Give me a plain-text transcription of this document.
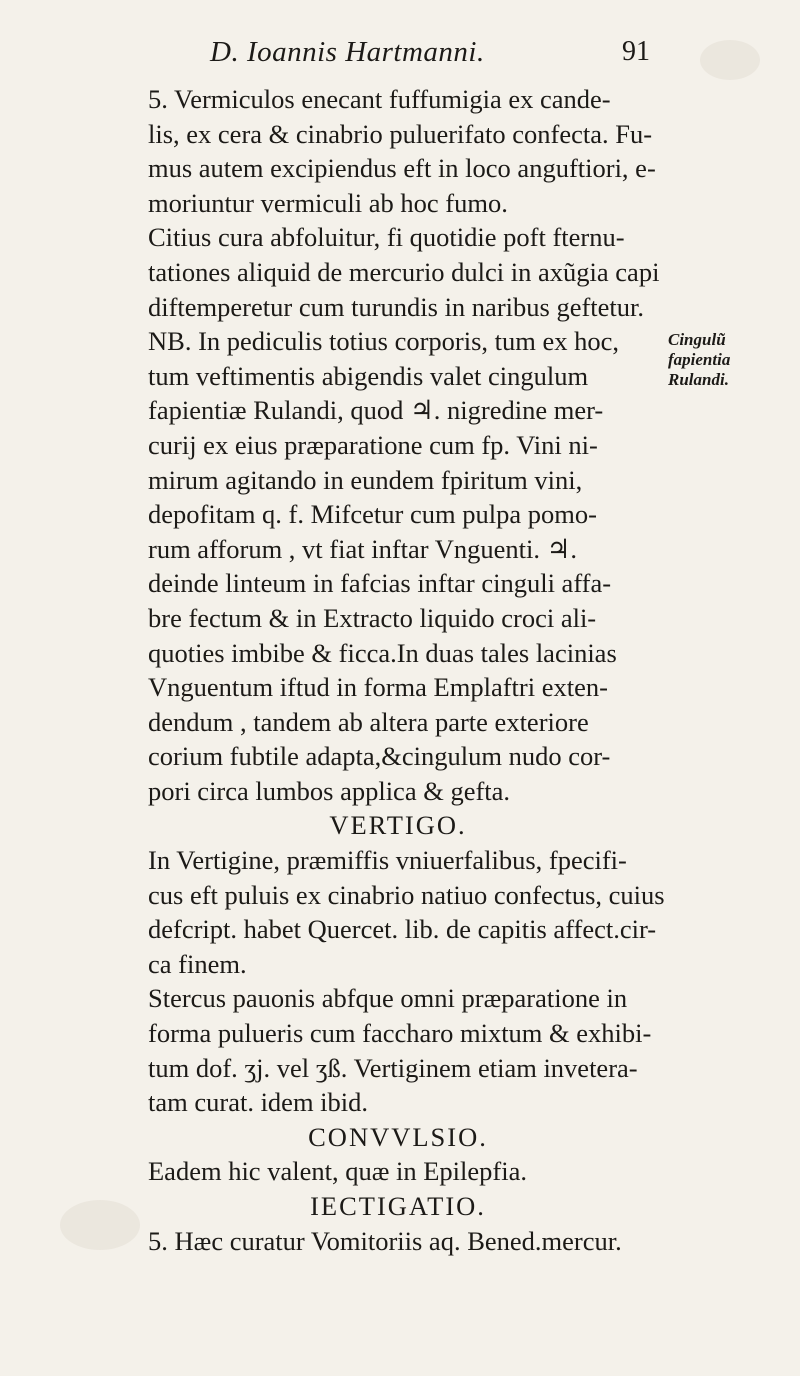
D. Ioannis Hartmanni.	91
5. Vermiculos enecant fuffumigia ex cande-
lis, ex cera & cinabrio puluerifato confecta. Fu-
mus autem excipiendus eft in loco anguftiori, e-
moriuntur vermiculi ab hoc fumo.
Citius cura abfoluitur, fi quotidie poft fternu-
tationes aliquid de mercurio dulci in axũgia capi
diftemperetur cum turundis in naribus geftetur.
NB. In pediculis totius corporis, tum ex hoc,
tum veftimentis abigendis valet cingulum
fapientiæ Rulandi, quod ♃. nigredine mer-
curij ex eius præparatione cum fp. Vini ni-
mirum agitando in eundem fpiritum vini,
depofitam q. f. Mifcetur cum pulpa pomo-
rum afforum , vt fiat inftar Vnguenti. ♃.
deinde linteum in fafcias inftar cinguli affa-
bre fectum & in Extracto liquido croci ali-
quoties imbibe & ficca.In duas tales lacinias
Vnguentum iftud in forma Emplaftri exten-
dendum , tandem ab altera parte exteriore
corium fubtile adapta,&cingulum nudo cor-
pori circa lumbos applica & gefta.
VERTIGO.
In Vertigine, præmiffis vniuerfalibus, fpecifi-
cus eft puluis ex cinabrio natiuo confectus, cuius
defcript. habet Quercet. lib. de capitis affect.cir-
ca finem.
Stercus pauonis abfque omni præparatione in
forma pulueris cum faccharo mixtum & exhibi-
tum dof. ʒj. vel ʒß. Vertiginem etiam invetera-
tam curat. idem ibid.
CONVVLSIO.
Eadem hic valent, quæ in Epilepfia.
IECTIGATIO.
5. Hæc curatur Vomitoriis aq. Bened.mercur.
Cingulũ
fapientia
Rulandi.
